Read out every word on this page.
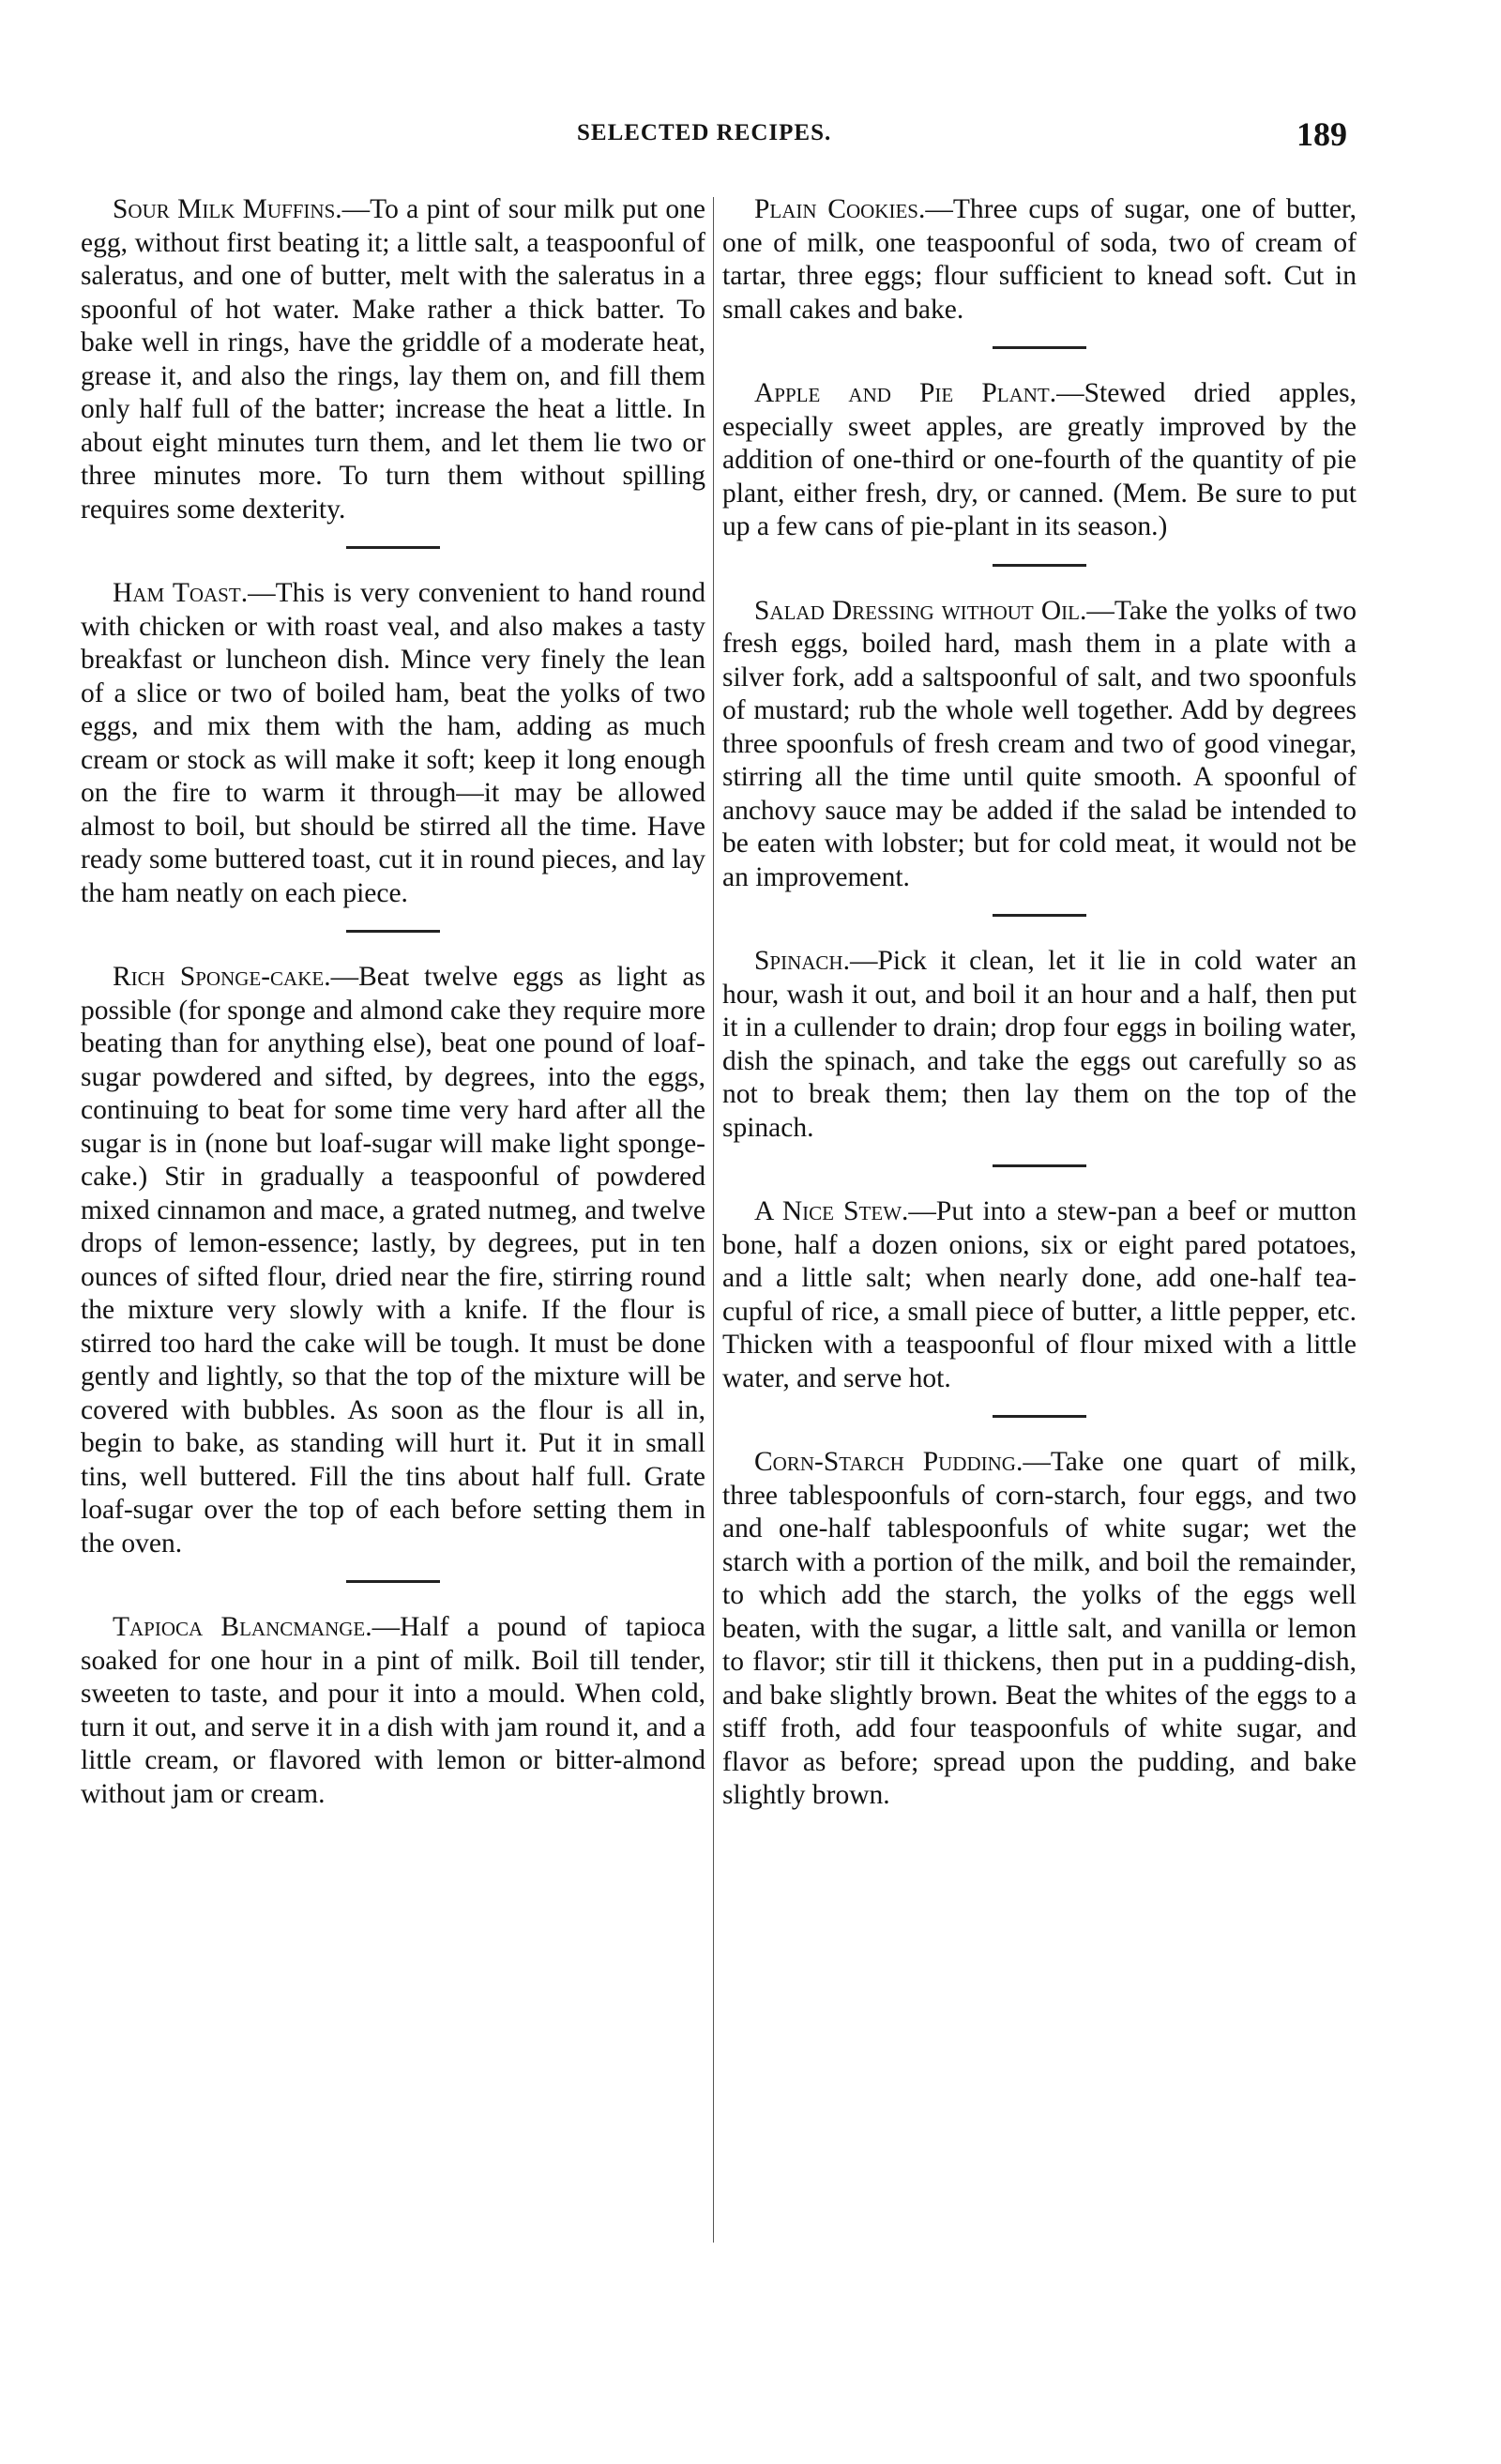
SELECTED RECIPES.	189

Sour Milk Muffins.—To a pint of sour milk put one egg, without first beating it; a little salt, a teaspoonful of saleratus, and one of butter, melt with the saleratus in a spoonful of hot water. Make rather a thick batter. To bake well in rings, have the griddle of a moderate heat, grease it, and also the rings, lay them on, and fill them only half full of the batter; increase the heat a little. In about eight minutes turn them, and let them lie two or three minutes more. To turn them without spilling requires some dexterity.

Ham Toast.—This is very convenient to hand round with chicken or with roast veal, and also makes a tasty breakfast or luncheon dish. Mince very finely the lean of a slice or two of boiled ham, beat the yolks of two eggs, and mix them with the ham, adding as much cream or stock as will make it soft; keep it long enough on the fire to warm it through—it may be allowed almost to boil, but should be stirred all the time. Have ready some buttered toast, cut it in round pieces, and lay the ham neatly on each piece.

Rich Sponge-cake.—Beat twelve eggs as light as possible (for sponge and almond cake they require more beating than for anything else), beat one pound of loaf-sugar powdered and sifted, by degrees, into the eggs, continuing to beat for some time very hard after all the sugar is in (none but loaf-sugar will make light sponge-cake.) Stir in gradually a teaspoonful of powdered mixed cinnamon and mace, a grated nutmeg, and twelve drops of lemon-essence; lastly, by degrees, put in ten ounces of sifted flour, dried near the fire, stirring round the mixture very slowly with a knife. If the flour is stirred too hard the cake will be tough. It must be done gently and lightly, so that the top of the mixture will be covered with bubbles. As soon as the flour is all in, begin to bake, as standing will hurt it. Put it in small tins, well buttered. Fill the tins about half full. Grate loaf-sugar over the top of each before setting them in the oven.

Tapioca Blancmange.—Half a pound of tapioca soaked for one hour in a pint of milk. Boil till tender, sweeten to taste, and pour it into a mould. When cold, turn it out, and serve it in a dish with jam round it, and a little cream, or flavored with lemon or bitter-almond without jam or cream.

Plain Cookies.—Three cups of sugar, one of butter, one of milk, one teaspoonful of soda, two of cream of tartar, three eggs; flour sufficient to knead soft. Cut in small cakes and bake.

Apple and Pie Plant.—Stewed dried apples, especially sweet apples, are greatly improved by the addition of one-third or one-fourth of the quantity of pie plant, either fresh, dry, or canned. (Mem. Be sure to put up a few cans of pie-plant in its season.)

Salad Dressing without Oil.—Take the yolks of two fresh eggs, boiled hard, mash them in a plate with a silver fork, add a saltspoonful of salt, and two spoonfuls of mustard; rub the whole well together. Add by degrees three spoonfuls of fresh cream and two of good vinegar, stirring all the time until quite smooth. A spoonful of anchovy sauce may be added if the salad be intended to be eaten with lobster; but for cold meat, it would not be an improvement.

Spinach.—Pick it clean, let it lie in cold water an hour, wash it out, and boil it an hour and a half, then put it in a cullender to drain; drop four eggs in boiling water, dish the spinach, and take the eggs out carefully so as not to break them; then lay them on the top of the spinach.

A Nice Stew.—Put into a stew-pan a beef or mutton bone, half a dozen onions, six or eight pared potatoes, and a little salt; when nearly done, add one-half tea-cupful of rice, a small piece of butter, a little pepper, etc. Thicken with a teaspoonful of flour mixed with a little water, and serve hot.

Corn-Starch Pudding.—Take one quart of milk, three tablespoonfuls of corn-starch, four eggs, and two and one-half tablespoonfuls of white sugar; wet the starch with a portion of the milk, and boil the remainder, to which add the starch, the yolks of the eggs well beaten, with the sugar, a little salt, and vanilla or lemon to flavor; stir till it thickens, then put in a pudding-dish, and bake slightly brown. Beat the whites of the eggs to a stiff froth, add four teaspoonfuls of white sugar, and flavor as before; spread upon the pudding, and bake slightly brown.
